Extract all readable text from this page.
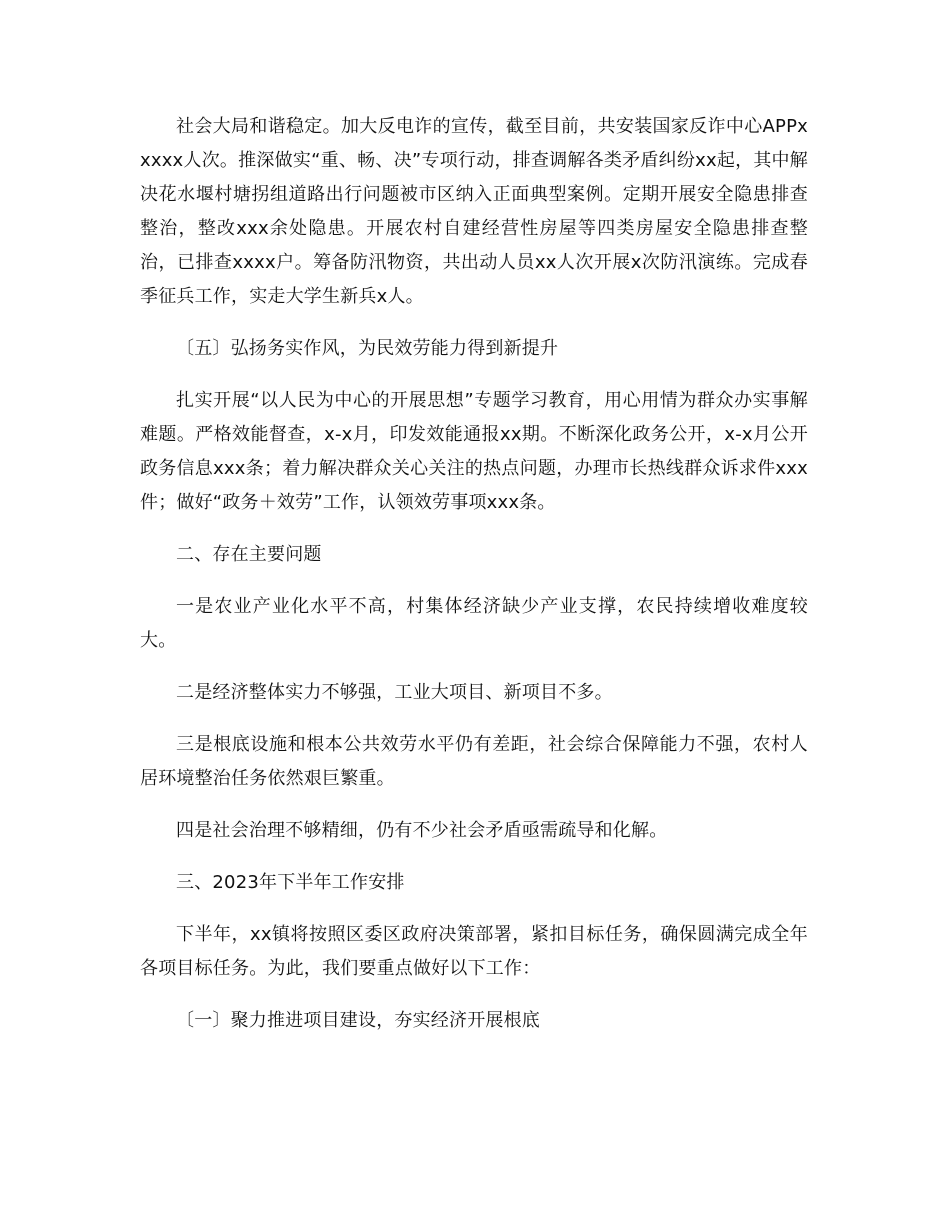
社会大局和谐稳定。加大反电诈的宣传，截至目前，共安装国家反诈中心APPxxxxx人次。推深做实“重、畅、决”专项行动，排查调解各类矛盾纠纷xx起，其中解决花水堰村塘拐组道路出行问题被市区纳入正面典型案例。定期开展安全隐患排查整治，整改xxx余处隐患。开展农村自建经营性房屋等四类房屋安全隐患排查整治，已排查xxxx户。筹备防汛物资，共出动人员xx人次开展x次防汛演练。完成春季征兵工作，实走大学生新兵x人。

〔五〕弘扬务实作风，为民效劳能力得到新提升

扎实开展“以人民为中心的开展思想”专题学习教育，用心用情为群众办实事解难题。严格效能督查，x-x月，印发效能通报xx期。不断深化政务公开，x-x月公开政务信息xxx条；着力解决群众关心关注的热点问题，办理市长热线群众诉求件xxx件；做好“政务＋效劳”工作，认领效劳事项xxx条。

二、存在主要问题

一是农业产业化水平不高，村集体经济缺少产业支撑，农民持续增收难度较大。

二是经济整体实力不够强，工业大项目、新项目不多。

三是根底设施和根本公共效劳水平仍有差距，社会综合保障能力不强，农村人居环境整治任务依然艰巨繁重。

四是社会治理不够精细，仍有不少社会矛盾亟需疏导和化解。

三、2023年下半年工作安排

下半年，xx镇将按照区委区政府决策部署，紧扣目标任务，确保圆满完成全年各项目标任务。为此，我们要重点做好以下工作：

〔一〕聚力推进项目建设，夯实经济开展根底
